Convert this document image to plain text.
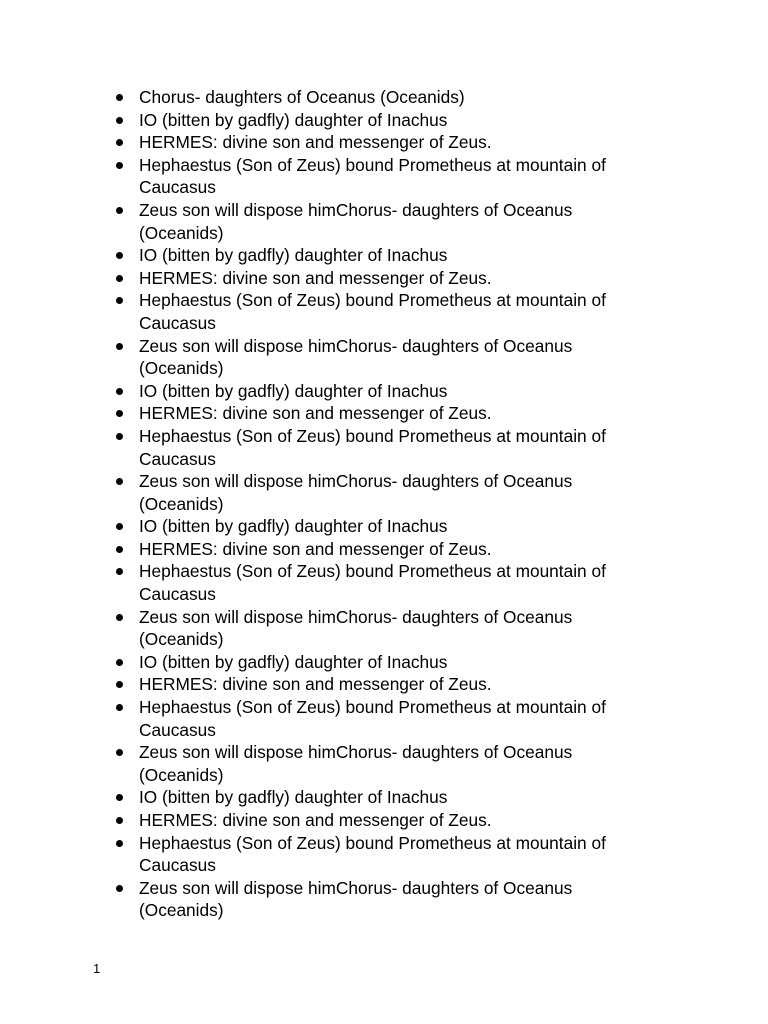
Chorus- daughters of Oceanus (Oceanids)
IO (bitten by gadfly) daughter of Inachus
HERMES: divine son and messenger of Zeus.
Hephaestus (Son of Zeus) bound Prometheus at mountain of Caucasus
Zeus son will dispose himChorus- daughters of Oceanus (Oceanids)
IO (bitten by gadfly) daughter of Inachus
HERMES: divine son and messenger of Zeus.
Hephaestus (Son of Zeus) bound Prometheus at mountain of Caucasus
Zeus son will dispose himChorus- daughters of Oceanus (Oceanids)
IO (bitten by gadfly) daughter of Inachus
HERMES: divine son and messenger of Zeus.
Hephaestus (Son of Zeus) bound Prometheus at mountain of Caucasus
Zeus son will dispose himChorus- daughters of Oceanus (Oceanids)
IO (bitten by gadfly) daughter of Inachus
HERMES: divine son and messenger of Zeus.
Hephaestus (Son of Zeus) bound Prometheus at mountain of Caucasus
Zeus son will dispose himChorus- daughters of Oceanus (Oceanids)
IO (bitten by gadfly) daughter of Inachus
HERMES: divine son and messenger of Zeus.
Hephaestus (Son of Zeus) bound Prometheus at mountain of Caucasus
Zeus son will dispose himChorus- daughters of Oceanus (Oceanids)
IO (bitten by gadfly) daughter of Inachus
HERMES: divine son and messenger of Zeus.
Hephaestus (Son of Zeus) bound Prometheus at mountain of Caucasus
Zeus son will dispose himChorus- daughters of Oceanus (Oceanids)
1
